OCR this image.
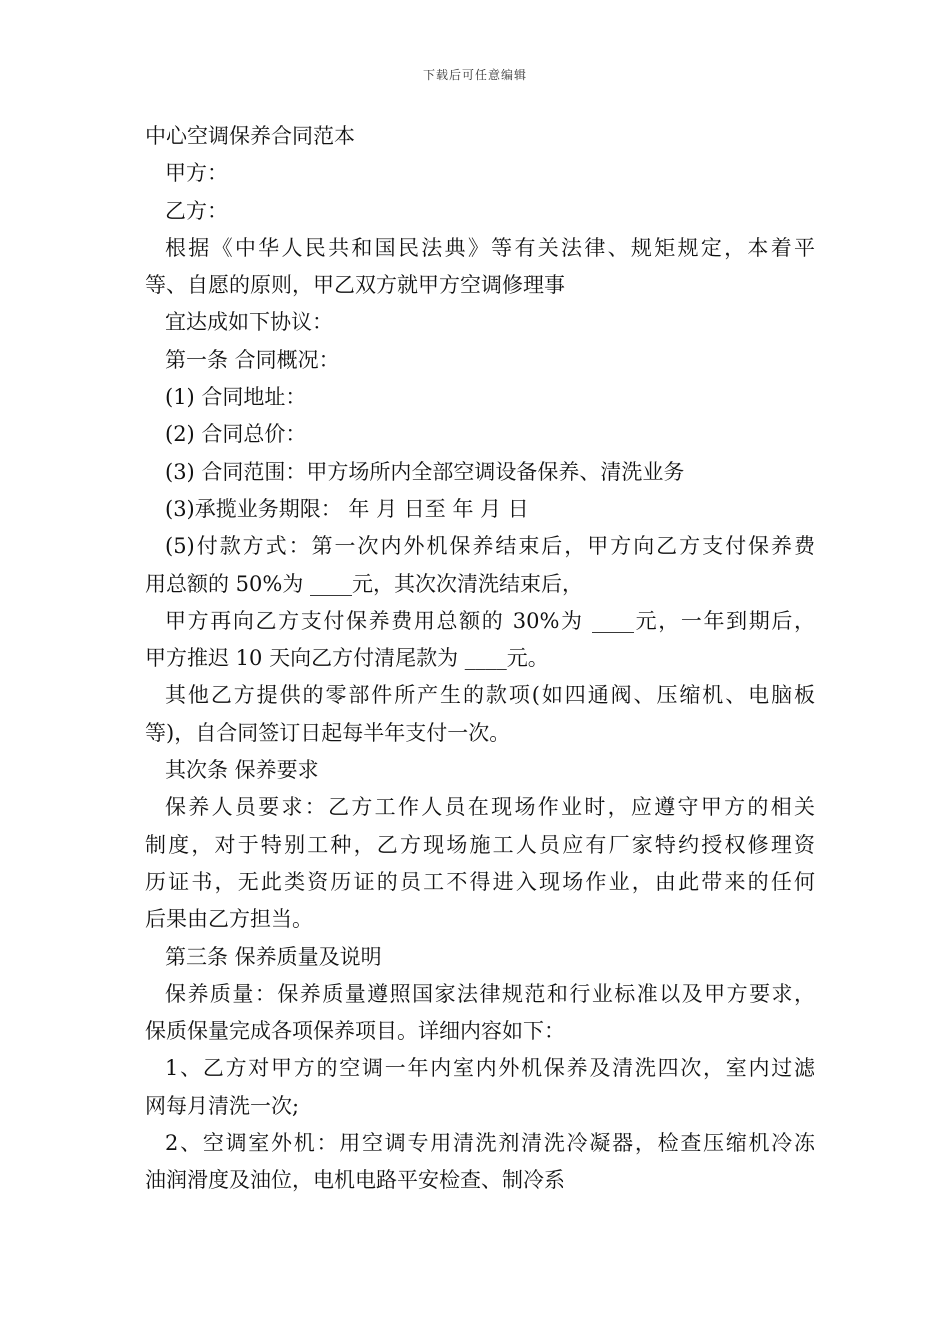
下载后可任意编辑
中心空调保养合同范本
甲方：
乙方：
根据《中华人民共和国民法典》等有关法律、规矩规定，本着平
等、自愿的原则，甲乙双方就甲方空调修理事
宜达成如下协议：
第一条 合同概况：
(1) 合同地址：
(2) 合同总价：
(3) 合同范围：甲方场所内全部空调设备保养、清洗业务
(3)承揽业务期限： 年 月 日至 年 月 日
(5)付款方式：第一次内外机保养结束后，甲方向乙方支付保养费
用总额的 50%为 ____元，其次次清洗结束后，
甲方再向乙方支付保养费用总额的 30%为 ____元，一年到期后，
甲方推迟 10 天向乙方付清尾款为 ____元。
其他乙方提供的零部件所产生的款项(如四通阀、压缩机、电脑板
等)，自合同签订日起每半年支付一次。
其次条 保养要求
保养人员要求：乙方工作人员在现场作业时，应遵守甲方的相关
制度，对于特别工种，乙方现场施工人员应有厂家特约授权修理资
历证书，无此类资历证的员工不得进入现场作业，由此带来的任何
后果由乙方担当。
第三条 保养质量及说明
保养质量：保养质量遵照国家法律规范和行业标准以及甲方要求，
保质保量完成各项保养项目。详细内容如下：
1、乙方对甲方的空调一年内室内外机保养及清洗四次，室内过滤
网每月清洗一次;
2、空调室外机：用空调专用清洗剂清洗冷凝器，检查压缩机冷冻
油润滑度及油位，电机电路平安检查、制冷系
